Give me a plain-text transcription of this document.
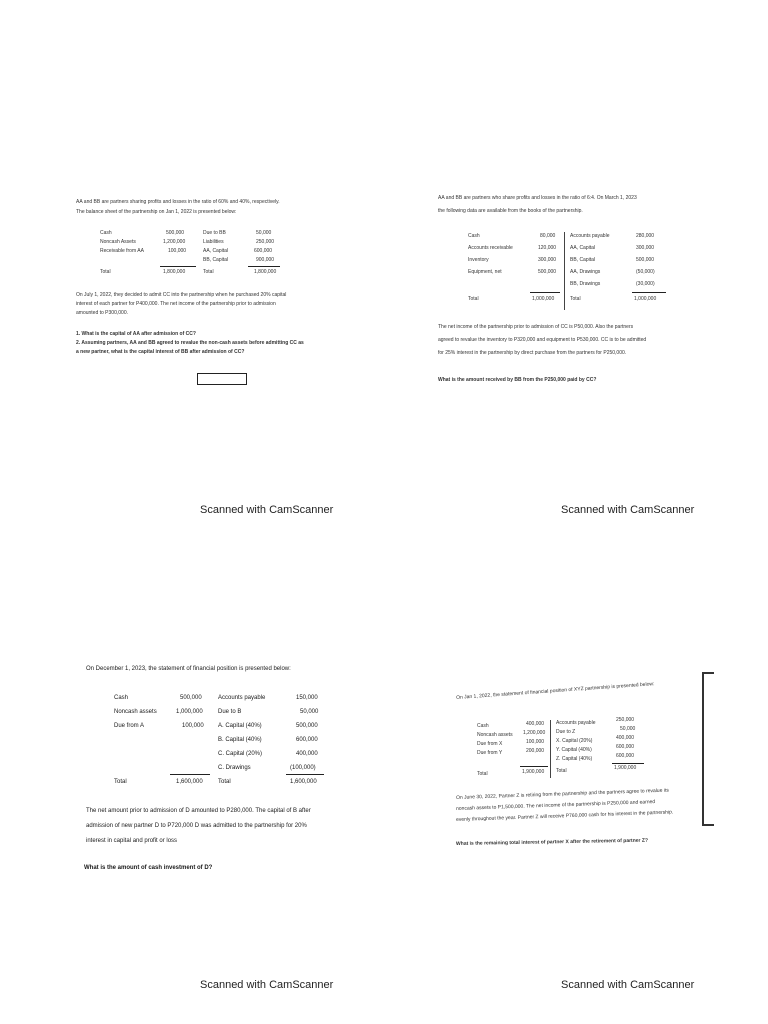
AA and BB are partners sharing profits and losses in the ratio of 60% and 40%, respectively.
The balance sheet of the partnership on Jan 1, 2022 is presented below:
Cash	500,000	Due to BB	50,000
Noncash Assets	1,200,000	Liabilities	250,000
Receivable from AA	100,000	AA, Capital	600,000
BB, Capital	900,000
Total	1,800,000	Total	1,800,000
On July 1, 2022, they decided to admit CC into the partnership when he purchased 20% capital
interest of each partner for P400,000. The net income of the partnership prior to admission
amounted to P300,000.
1. What is the capital of AA after admission of CC?
2. Assuming partners, AA and BB agreed to revalue the non-cash assets before admitting CC as
a new partner, what is the capital interest of BB after admission of CC?
Scanned with CamScanner
AA and BB are partners who share profits and losses in the ratio of 6:4. On March 1, 2023
the following data are available from the books of the partnership.
Cash	80,000	Accounts payable	280,000
Accounts receivable	120,000	AA, Capital	300,000
Inventory	300,000	BB, Capital	500,000
Equipment, net	500,000	AA, Drawings	(50,000)
BB, Drawings	(30,000)
Total	1,000,000	Total	1,000,000
The net income of the partnership prior to admission of CC is P50,000. Also the partners
agreed to revalue the inventory to P320,000 and equipment to P530,000. CC is to be admitted
for 25% interest in the partnership by direct purchase from the partners for P250,000.
What is the amount received by BB from the P250,000 paid by CC?
Scanned with CamScanner
On December 1, 2023, the statement of financial position is presented below:
Cash	500,000	Accounts payable	150,000
Noncash assets	1,000,000	Due to B	50,000
Due from A	100,000 A. Capital (40%)	500,000
B. Capital (40%)	600,000
C. Capital (20%)	400,000
C. Drawings	(100,000)
Total	1,600,000	Total	1,600,000
The net amount prior to admission of D amounted to P280,000. The capital of B after
admission of new partner D to P720,000 D was admitted to the partnership for 20%
interest in capital and profit or loss
What is the amount of cash investment of D?
Scanned with CamScanner
On Jan 1, 2022, the statement of financial position of XYZ partnership is presented below:
Cash	400,000 Accounts payable	250,000
Noncash assets 1,200,000 Due to Z	50,000
Due from X	100,000 X. Capital (20%)	400,000
Due from Y	200,000 Y. Capital (40%)	600,000
Z. Capital (40%)	600,000
Total	1,900,000 Total	1,900,000
On June 30, 2022, Partner Z is retiring from the partnership and the partners agree to revalue its
noncash assets to P1,500,000. The net income of the partnership is P250,000 and earned
evenly throughout the year. Partner Z will receive P760,000 cash for his interest in the partnership.
What is the remaining total interest of partner X after the retirement of partner Z?
Scanned with CamScanner
